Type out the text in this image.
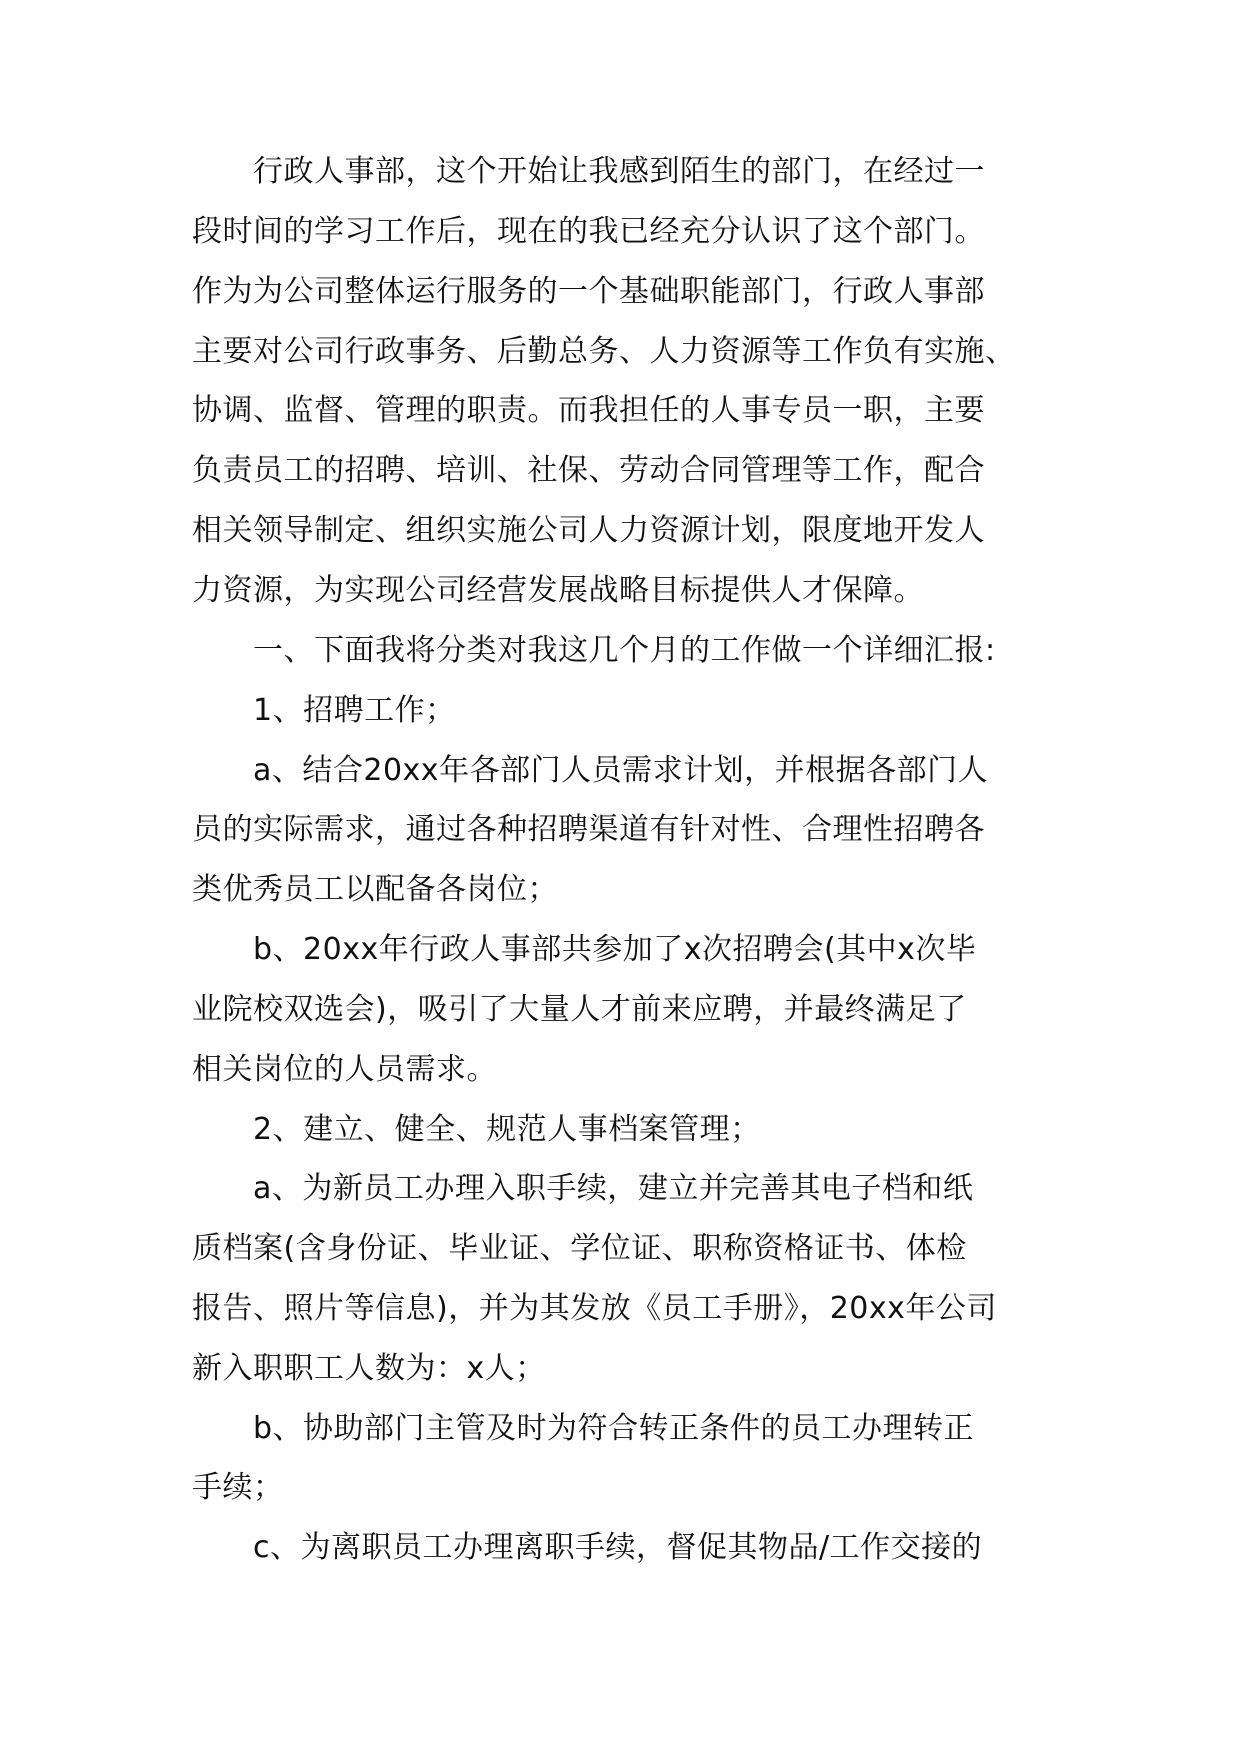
行政人事部，这个开始让我感到陌生的部门，在经过一

段时间的学习工作后，现在的我已经充分认识了这个部门。

作为为公司整体运行服务的一个基础职能部门，行政人事部

主要对公司行政事务、后勤总务、人力资源等工作负有实施、

协调、监督、管理的职责。而我担任的人事专员一职，主要

负责员工的招聘、培训、社保、劳动合同管理等工作，配合

相关领导制定、组织实施公司人力资源计划，限度地开发人

力资源，为实现公司经营发展战略目标提供人才保障。

一、下面我将分类对我这几个月的工作做一个详细汇报:

1、招聘工作；

a、结合20xx年各部门人员需求计划，并根据各部门人

员的实际需求，通过各种招聘渠道有针对性、合理性招聘各

类优秀员工以配备各岗位；

b、20xx年行政人事部共参加了x次招聘会(其中x次毕

业院校双选会)，吸引了大量人才前来应聘，并最终满足了

相关岗位的人员需求。

2、建立、健全、规范人事档案管理；

a、为新员工办理入职手续，建立并完善其电子档和纸

质档案(含身份证、毕业证、学位证、职称资格证书、体检

报告、照片等信息)，并为其发放《员工手册》，20xx年公司

新入职职工人数为：x人；

b、协助部门主管及时为符合转正条件的员工办理转正

手续；

c、为离职员工办理离职手续，督促其物品/工作交接的
